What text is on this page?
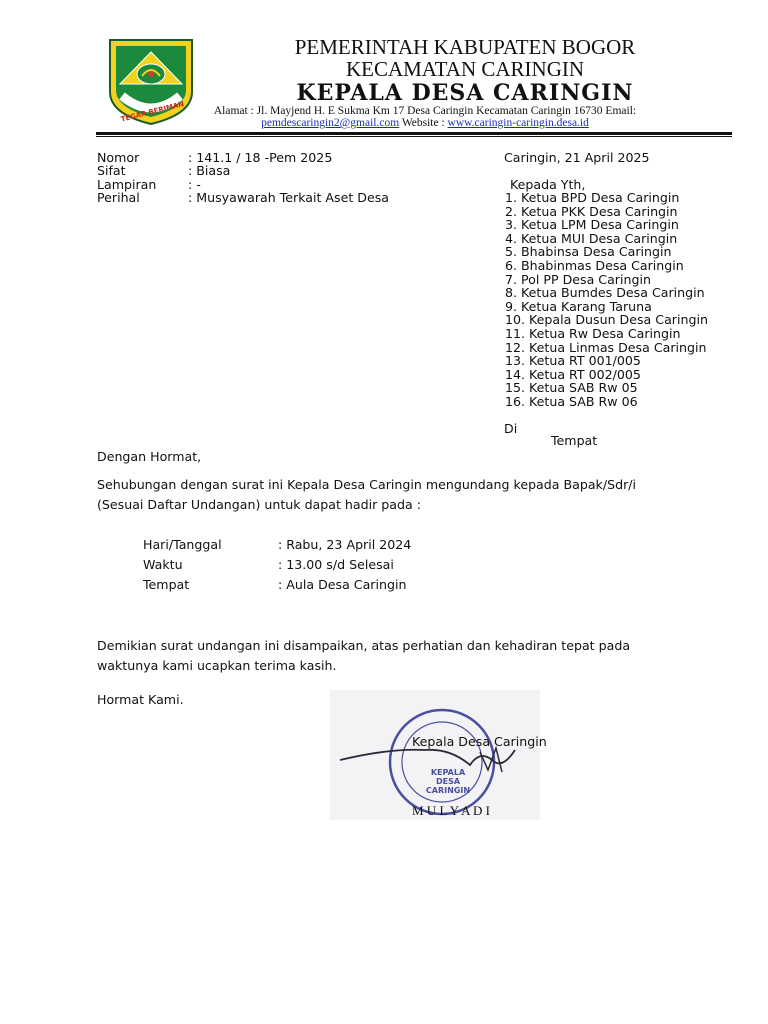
TEGAR BERIMAN
PEMERINTAH KABUPATEN BOGOR
KECAMATAN CARINGIN
KEPALA DESA CARINGIN
Alamat : Jl. Mayjend H. E Sukma Km 17 Desa Caringin Kecamatan Caringin 16730 Email:
pemdescaringin2@gmail.com Website : www.caringin-caringin.desa.id
Nomor	: 141.1 / 18 -Pem 2025
Sifat	: Biasa
Lampiran	: -
Perihal	: Musyawarah Terkait Aset Desa
Caringin, 21 April 2025
Kepada Yth,
1. Ketua BPD Desa Caringin
2. Ketua PKK Desa Caringin
3. Ketua LPM Desa Caringin
4. Ketua MUI Desa Caringin
5. Bhabinsa Desa Caringin
6. Bhabinmas Desa Caringin
7. Pol PP Desa Caringin
8. Ketua Bumdes Desa Caringin
9. Ketua Karang Taruna
10. Kepala Dusun Desa Caringin
11. Ketua Rw Desa Caringin
12. Ketua Linmas Desa Caringin
13. Ketua RT 001/005
14. Ketua RT 002/005
15. Ketua SAB Rw 05
16. Ketua SAB Rw 06
Di
Tempat
Dengan Hormat,
Sehubungan dengan surat ini Kepala Desa Caringin mengundang kepada Bapak/Sdr/i
(Sesuai Daftar Undangan) untuk dapat hadir pada :
Hari/Tanggal	: Rabu, 23 April 2024
Waktu	: 13.00 s/d Selesai
Tempat	: Aula Desa Caringin
Demikian surat undangan ini disampaikan, atas perhatian dan kehadiran tepat pada
waktunya kami ucapkan terima kasih.
Hormat Kami.
Kepala Desa Caringin
M U L Y A D I
KEPALA DESA
CARINGIN
